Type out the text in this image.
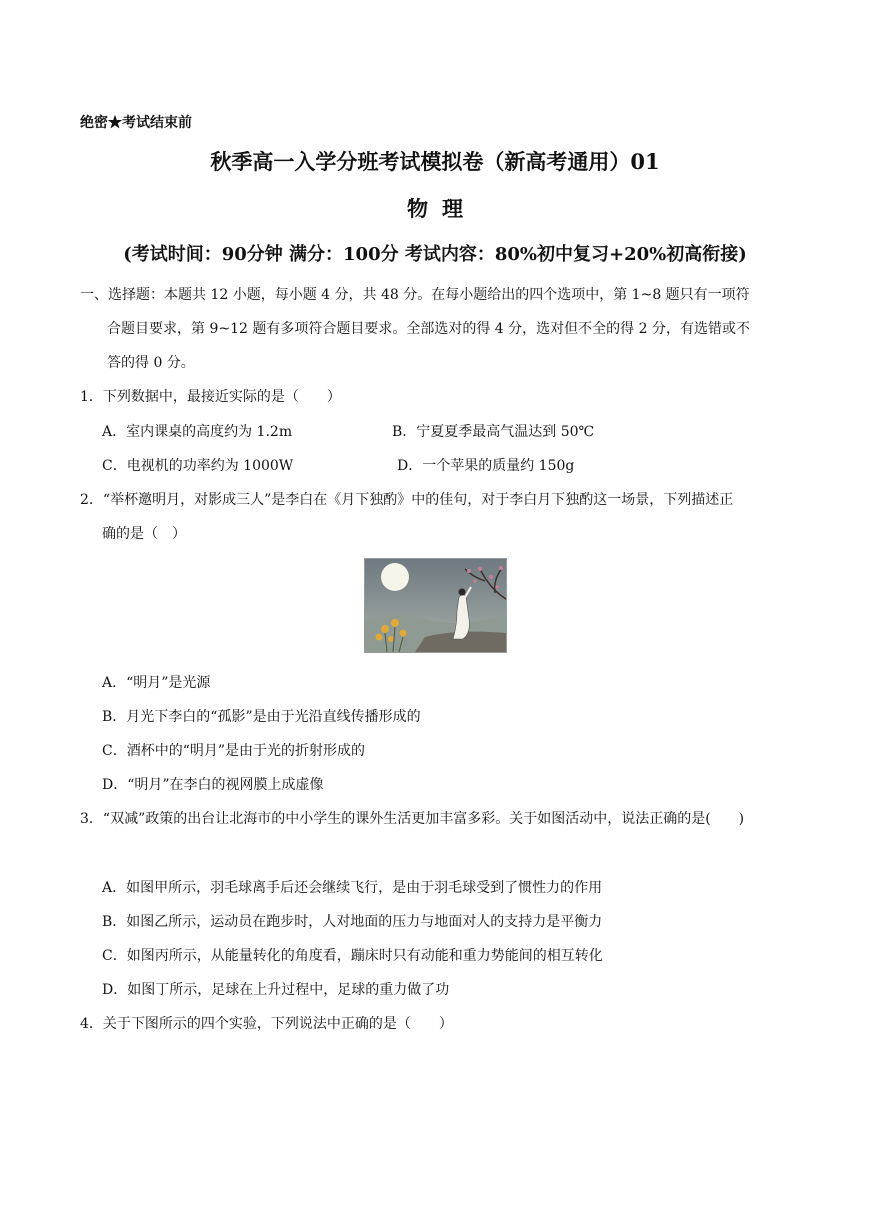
绝密★考试结束前
秋季高一入学分班考试模拟卷（新高考通用）01
物理
(考试时间：90分钟 满分：100分 考试内容：80%初中复习+20%初高衔接)
一、选择题：本题共 12 小题，每小题 4 分，共 48 分。在每小题给出的四个选项中，第 1~8 题只有一项符
合题目要求，第 9~12 题有多项符合题目要求。全部选对的得 4 分，选对但不全的得 2 分，有选错或不
答的得 0 分。
1．下列数据中，最接近实际的是（　　）
A．室内课桌的高度约为 1.2m	B．宁夏夏季最高气温达到 50℃
C．电视机的功率约为 1000W	D．一个苹果的质量约 150g
2．“举杯邀明月，对影成三人”是李白在《月下独酌》中的佳句，对于李白月下独酌这一场景，下列描述正
确的是（　）
A．“明月”是光源
B．月光下李白的“孤影”是由于光沿直线传播形成的
C．酒杯中的“明月”是由于光的折射形成的
D．“明月”在李白的视网膜上成虚像
3．“双减”政策的出台让北海市的中小学生的课外生活更加丰富多彩。关于如图活动中，说法正确的是(　　)
A．如图甲所示，羽毛球离手后还会继续飞行，是由于羽毛球受到了惯性力的作用
B．如图乙所示，运动员在跑步时，人对地面的压力与地面对人的支持力是平衡力
C．如图丙所示，从能量转化的角度看，蹦床时只有动能和重力势能间的相互转化
D．如图丁所示，足球在上升过程中，足球的重力做了功
4．关于下图所示的四个实验，下列说法中正确的是（　　）
